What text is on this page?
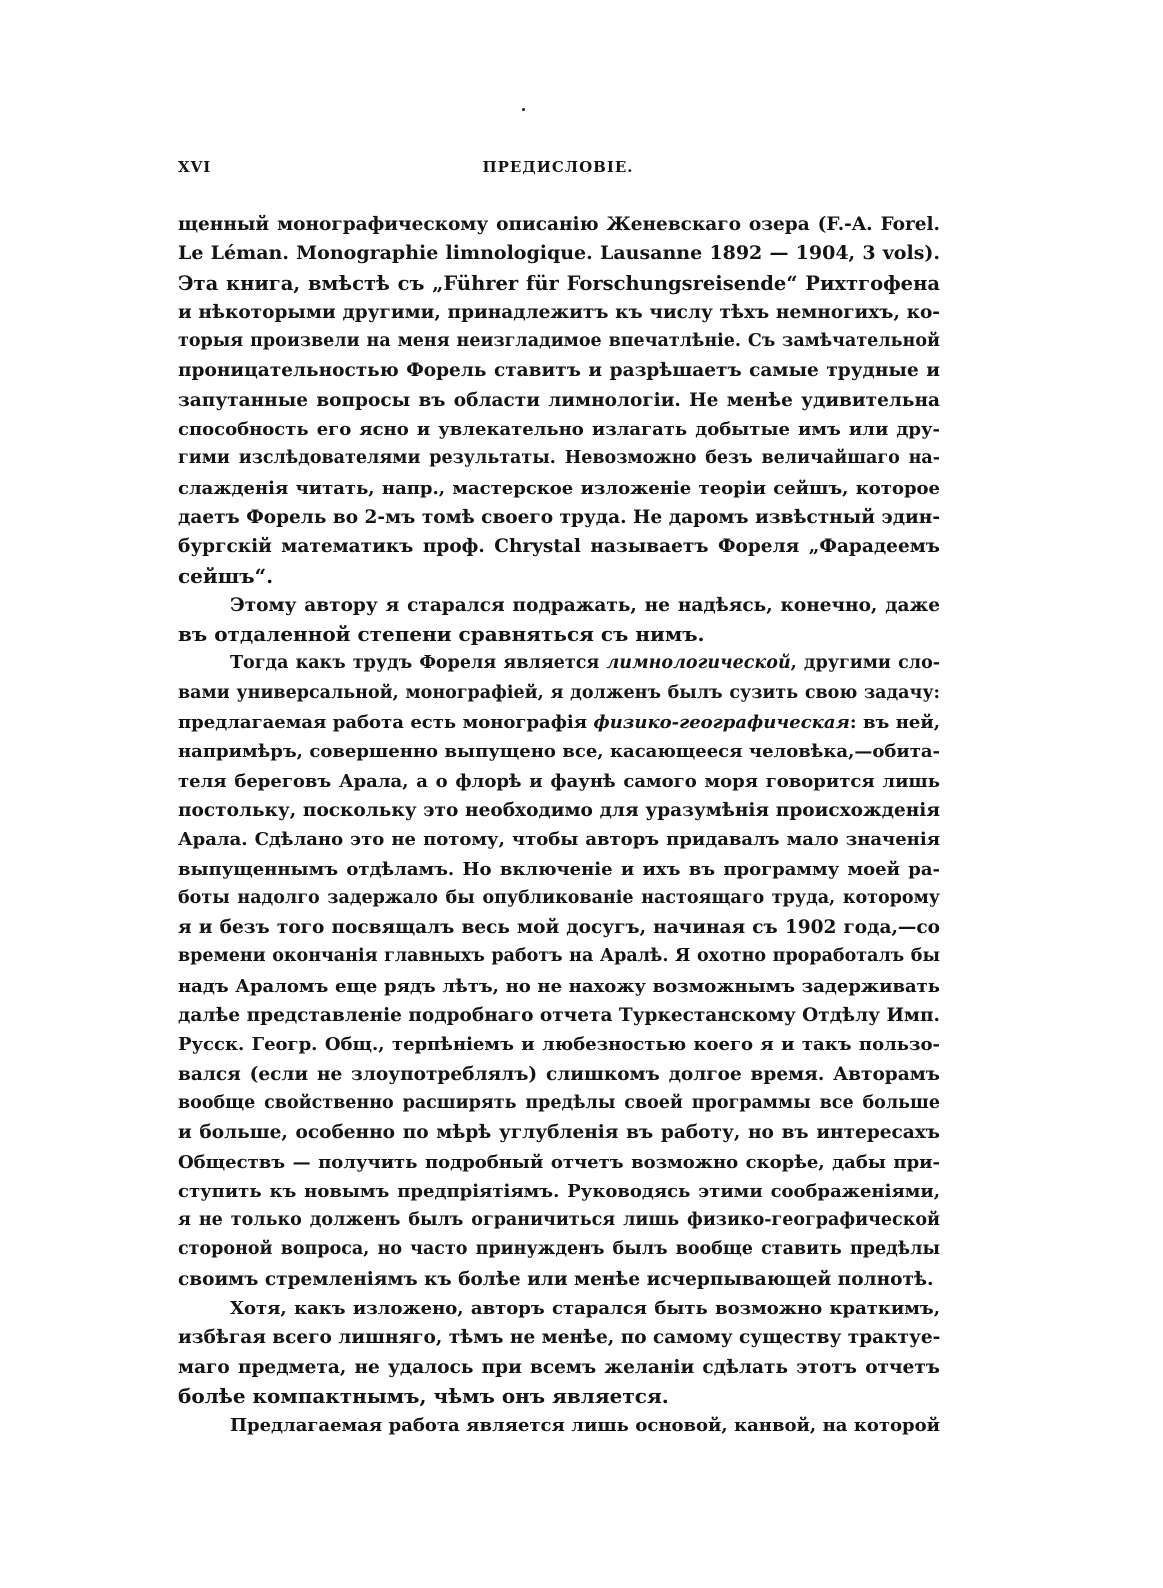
XVI	ПРЕДИСЛОВІЕ.
щенный монографическому описанію Женевскаго озера (F.-A. Forel.
Le Léman. Monographie limnologique. Lausanne 1892 — 1904, 3 vols).
Эта книга, вмѣстѣ съ „Führer für Forschungsreisende“ Рихтгофена
и нѣкоторыми другими, принадлежитъ къ числу тѣхъ немногихъ, ко-
торыя произвели на меня неизгладимое впечатлѣніе. Съ замѣчательной
проницательностью Форель ставитъ и разрѣшаетъ самые трудные и
запутанные вопросы въ области лимнологіи. Не менѣе удивительна
способность его ясно и увлекательно излагать добытые имъ или дру-
гими изслѣдователями результаты. Невозможно безъ величайшаго на-
слажденія читать, напр., мастерское изложеніе теоріи сейшъ, которое
даетъ Форель во 2-мъ томѣ своего труда. Не даромъ извѣстный эдин-
бургскій математикъ проф. Chrystal называетъ Фореля „Фарадеемъ
сейшъ“.
Этому автору я старался подражать, не надѣясь, конечно, даже
въ отдаленной степени сравняться съ нимъ.
Тогда какъ трудъ Фореля является лимнологической, другими сло-
вами универсальной, монографіей, я долженъ былъ сузить свою задачу:
предлагаемая работа есть монографія физико-географическая: въ ней,
напримѣръ, совершенно выпущено все, касающееся человѣка,—обита-
теля береговъ Арала, а о флорѣ и фаунѣ самого моря говорится лишь
постольку, поскольку это необходимо для уразумѣнія происхожденія
Арала. Сдѣлано это не потому, чтобы авторъ придавалъ мало значенія
выпущеннымъ отдѣламъ. Но включеніе и ихъ въ программу моей ра-
боты надолго задержало бы опубликованіе настоящаго труда, которому
я и безъ того посвящалъ весь мой досугъ, начиная съ 1902 года,—со
времени окончанія главныхъ работъ на Аралѣ. Я охотно проработалъ бы
надъ Араломъ еще рядъ лѣтъ, но не нахожу возможнымъ задерживать
далѣе представленіе подробнаго отчета Туркестанскому Отдѣлу Имп.
Русск. Геогр. Общ., терпѣніемъ и любезностью коего я и такъ пользо-
вался (если не злоупотреблялъ) слишкомъ долгое время. Авторамъ
вообще свойственно расширять предѣлы своей программы все больше
и больше, особенно по мѣрѣ углубленія въ работу, но въ интересахъ
Обществъ — получить подробный отчетъ возможно скорѣе, дабы при-
ступить къ новымъ предпріятіямъ. Руководясь этими соображеніями,
я не только долженъ былъ ограничиться лишь физико-географической
стороной вопроса, но часто принужденъ былъ вообще ставить предѣлы
своимъ стремленіямъ къ болѣе или менѣе исчерпывающей полнотѣ.
Хотя, какъ изложено, авторъ старался быть возможно краткимъ,
избѣгая всего лишняго, тѣмъ не менѣе, по самому существу трактуе-
маго предмета, не удалось при всемъ желаніи сдѣлать этотъ отчетъ
болѣе компактнымъ, чѣмъ онъ является.
Предлагаемая работа является лишь основой, канвой, на которой
